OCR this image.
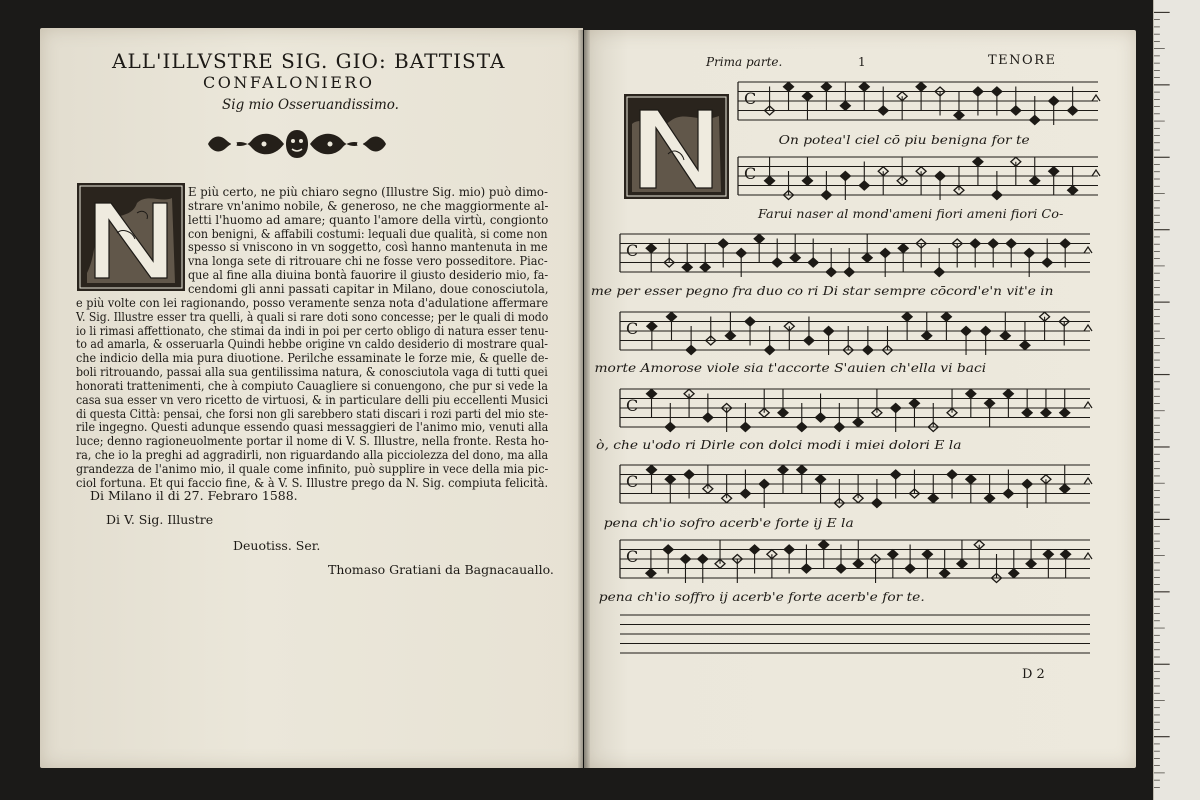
ALL'ILLVSTRE SIG. GIO: BATTISTA
CONFALONIERO
Sig mio Osseruandissimo.
E più certo, ne più chiaro segno (Illustre Sig. mio) può dimo-
strare vn'animo nobile, & generoso, ne che maggiormente al-
letti l'huomo ad amare; quanto l'amore della virtù, congionto
con benigni, & affabili costumi: lequali due qualità, si come non
spesso si vniscono in vn soggetto, così hanno mantenuta in me
vna longa sete di ritrouare chi ne fosse vero posseditore. Piac-
que al fine alla diuina bontà fauorire il giusto desiderio mio, fa-
cendomi gli anni passati capitar in Milano, doue conosciutola,
e più volte con lei ragionando, posso veramente senza nota d'adulatione affermare
V. Sig. Illustre esser tra quelli, à quali si rare doti sono concesse; per le quali di modo
io li rimasi affettionato, che stimai da indi in poi per certo obligo di natura esser tenu-
to ad amarla, & osseruarla Quindi hebbe origine vn caldo desiderio di mostrare qual-
che indicio della mia pura diuotione. Perilche essaminate le forze mie, & quelle de-
boli ritrouando, passai alla sua gentilissima natura, & conosciutola vaga di tutti quei
honorati trattenimenti, che à compiuto Cauagliere si conuengono, che pur si vede la
casa sua esser vn vero ricetto de virtuosi, & in particulare delli piu eccellenti Musici
di questa Città: pensai, che forsi non gli sarebbero stati discari i rozi parti del mio ste-
rile ingegno. Questi adunque essendo quasi messaggieri de l'animo mio, venuti alla
luce; denno ragioneuolmente portar il nome di V. S. Illustre, nella fronte. Resta ho-
ra, che io la preghi ad aggradirli, non riguardando alla picciolezza del dono, ma alla
grandezza de l'animo mio, il quale come infinito, può supplire in vece della mia pic-
ciol fortuna. Et qui faccio fine, & à V. S. Illustre prego da N. Sig. compiuta felicità.
Di Milano il di 27. Febraro 1588.
Di V. Sig. Illustre
Deuotiss. Ser.
Thomaso Gratiani da Bagnacauallo.
Prima parte.	1	TENORE
D 2
C
C
C
C
C
C
C
On potea'l ciel cō piu benigna for te
Farui naser al mond'ameni fiori ameni fiori Co-
me per esser pegno fra duo co ri Di star sempre cōcord'e'n vit'e in
morte Amorose viole sia t'accorte S'auien ch'ella vi baci
ò, che u'odo ri Dirle con dolci modi i miei dolori E la
pena ch'io sofro acerb'e forte ij E la
pena ch'io soffro ij acerb'e forte acerb'e for te.
